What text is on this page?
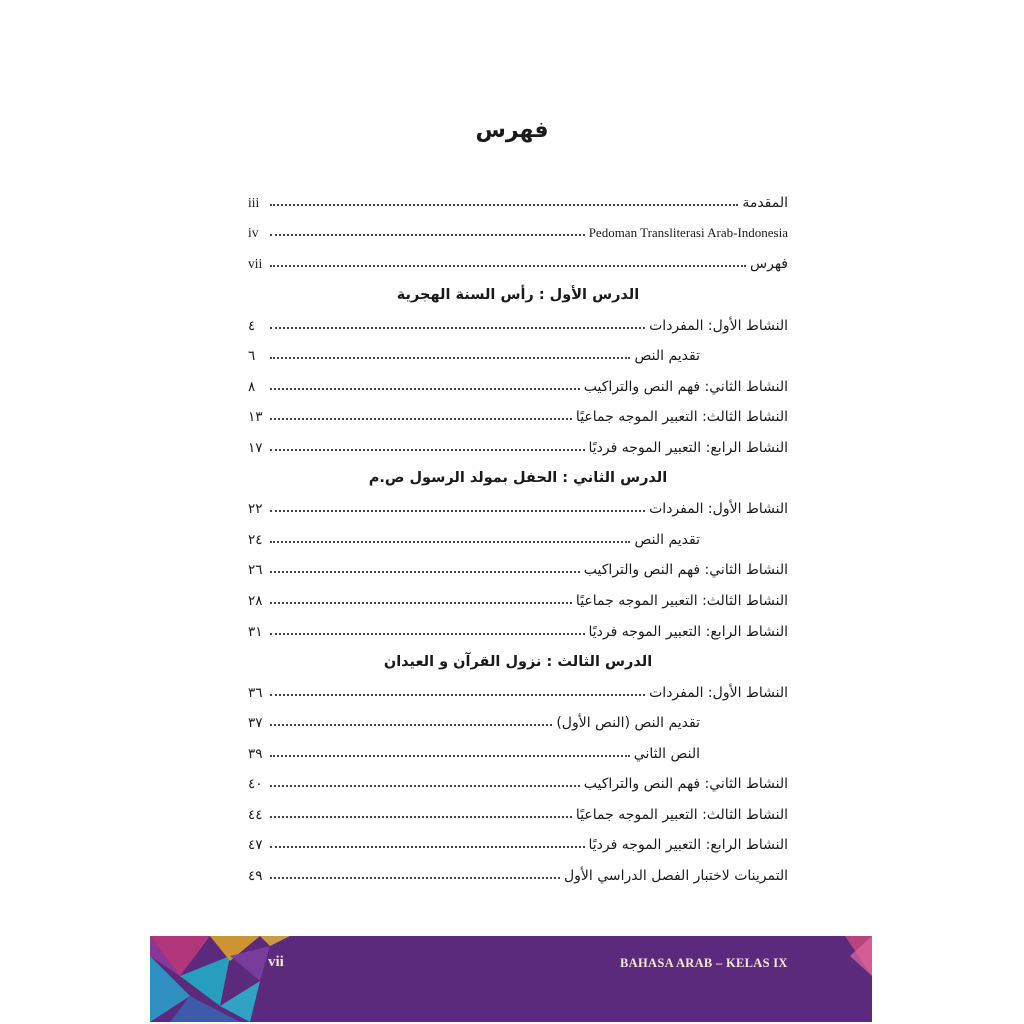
فهرس
المقدمة
iii
Pedoman Transliterasi Arab-Indonesia
iv
فهرس
vii
الدرس الأول : رأس السنة الهجرية
النشاط الأول: المفردات
٤
تقديم النص
٦
النشاط الثاني: فهم النص والتراكيب
٨
النشاط الثالث: التعبير الموجه جماعيًا
١٣
النشاط الرابع: التعبير الموجه فرديًا
١٧
الدرس الثاني : الحفل بمولد الرسول ص.م
النشاط الأول: المفردات
٢٢
تقديم النص
٢٤
النشاط الثاني: فهم النص والتراكيب
٢٦
النشاط الثالث: التعبير الموجه جماعيًا
٢٨
النشاط الرابع: التعبير الموجه فرديًا
٣١
الدرس الثالث : نزول القرآن و العيدان
النشاط الأول: المفردات
٣٦
تقديم النص (النص الأول)
٣٧
النص الثاني
٣٩
النشاط الثاني: فهم النص والتراكيب
٤٠
النشاط الثالث: التعبير الموجه جماعيًا
٤٤
النشاط الرابع: التعبير الموجه فرديًا
٤٧
التمرينات لاختبار الفصل الدراسي الأول
٤٩
vii	BAHASA ARAB – KELAS IX
